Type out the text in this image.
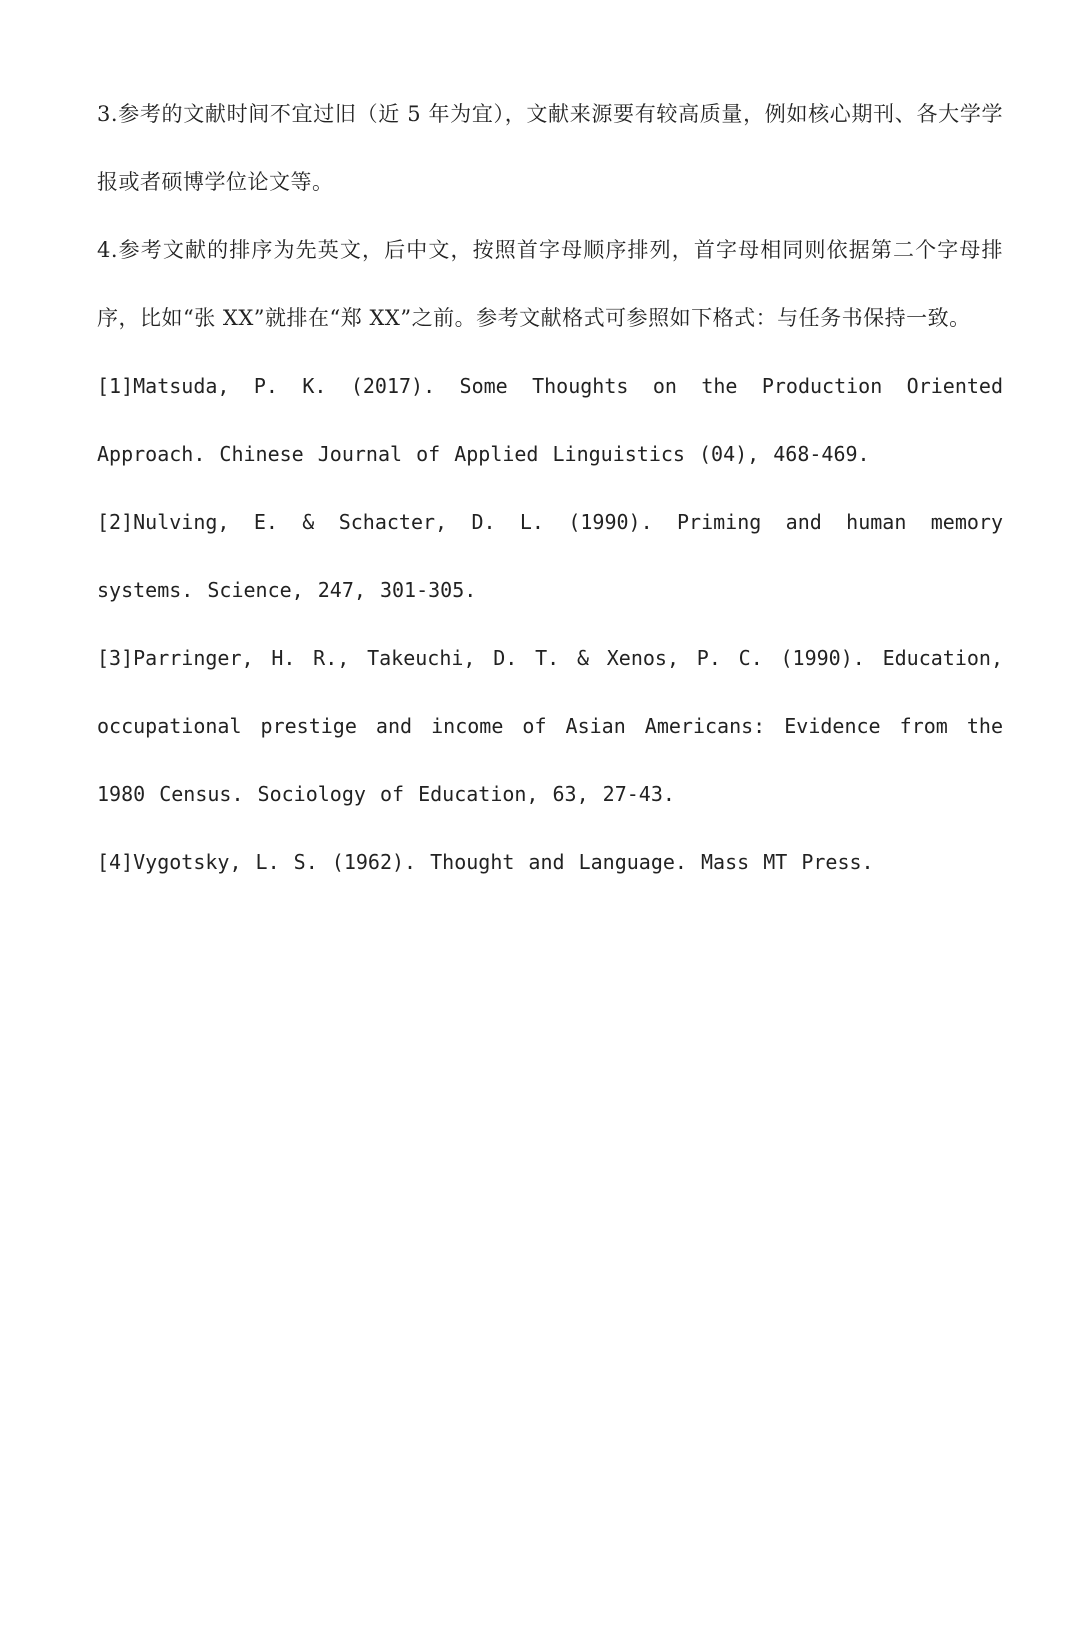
3.参考的文献时间不宜过旧（近 5 年为宜），文献来源要有较高质量，例如核心期刊、各大学学报或者硕博学位论文等。

4.参考文献的排序为先英文，后中文，按照首字母顺序排列，首字母相同则依据第二个字母排序，比如“张 XX”就排在“郑 XX”之前。参考文献格式可参照如下格式：与任务书保持一致。

[1]Matsuda, P. K. (2017). Some Thoughts on the Production Oriented Approach. Chinese Journal of Applied Linguistics (04), 468-469.

[2]Nulving, E. & Schacter, D. L. (1990). Priming and human memory systems. Science, 247, 301-305.

[3]Parringer, H. R., Takeuchi, D. T. & Xenos, P. C. (1990). Education, occupational prestige and income of Asian Americans: Evidence from the 1980 Census. Sociology of Education, 63, 27-43.

[4]Vygotsky, L. S. (1962). Thought and Language. Mass MT Press.
